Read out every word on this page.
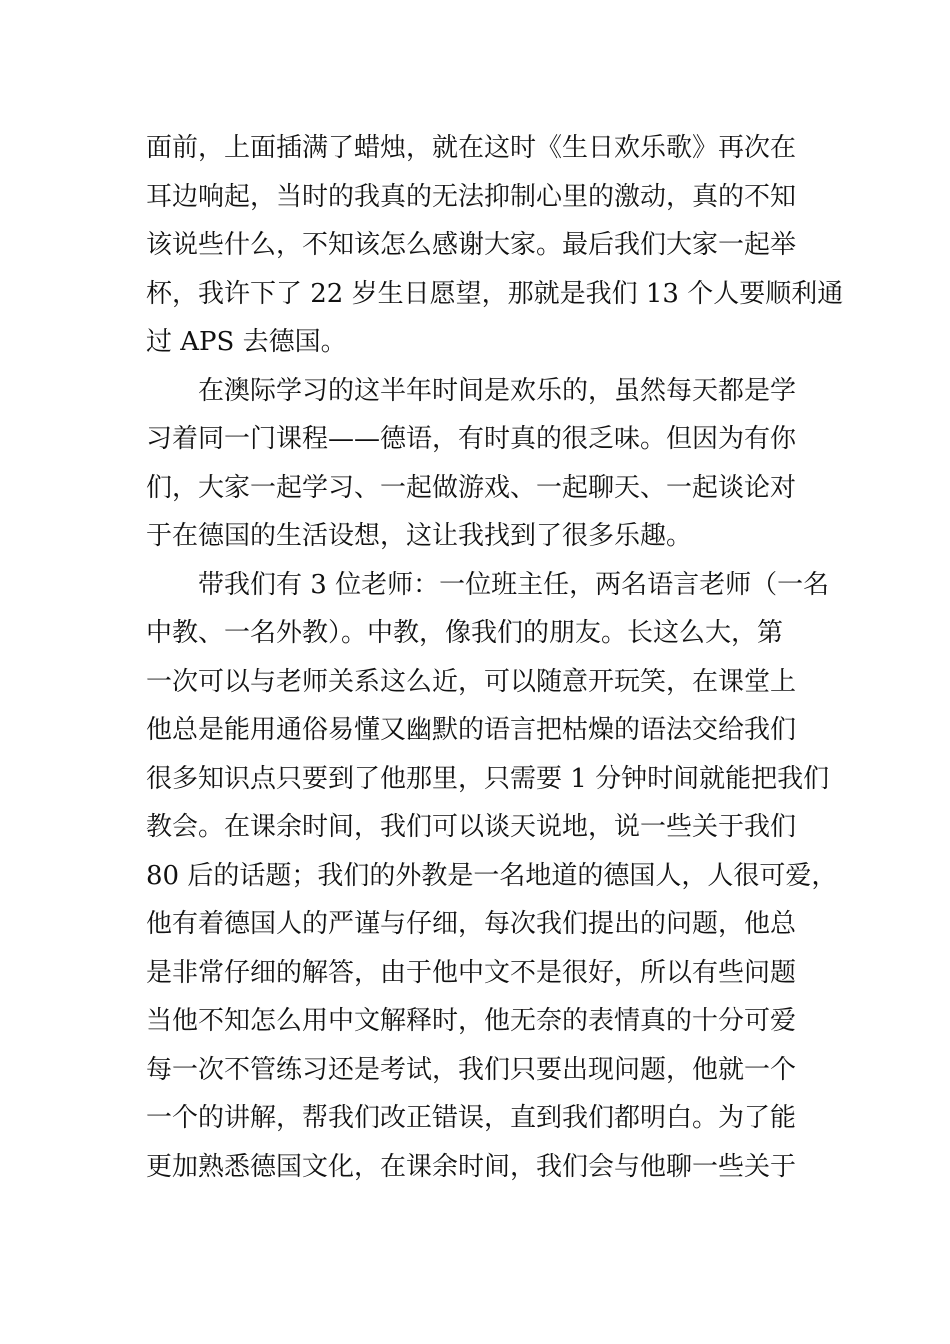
面前，上面插满了蜡烛，就在这时《生日欢乐歌》再次在
耳边响起，当时的我真的无法抑制心里的激动，真的不知
该说些什么，不知该怎么感谢大家。最后我们大家一起举
杯，我许下了 22 岁生日愿望，那就是我们 13 个人要顺利通
过 APS 去德国。
在澳际学习的这半年时间是欢乐的，虽然每天都是学
习着同一门课程——德语，有时真的很乏味。但因为有你
们，大家一起学习、一起做游戏、一起聊天、一起谈论对
于在德国的生活设想，这让我找到了很多乐趣。
带我们有 3 位老师：一位班主任，两名语言老师（一名
中教、一名外教）。中教，像我们的朋友。长这么大，第
一次可以与老师关系这么近，可以随意开玩笑，在课堂上
他总是能用通俗易懂又幽默的语言把枯燥的语法交给我们
很多知识点只要到了他那里，只需要 1 分钟时间就能把我们
教会。在课余时间，我们可以谈天说地，说一些关于我们
80 后的话题；我们的外教是一名地道的德国人，人很可爱，
他有着德国人的严谨与仔细，每次我们提出的问题，他总
是非常仔细的解答，由于他中文不是很好，所以有些问题
当他不知怎么用中文解释时，他无奈的表情真的十分可爱
每一次不管练习还是考试，我们只要出现问题，他就一个
一个的讲解，帮我们改正错误，直到我们都明白。为了能
更加熟悉德国文化，在课余时间，我们会与他聊一些关于
